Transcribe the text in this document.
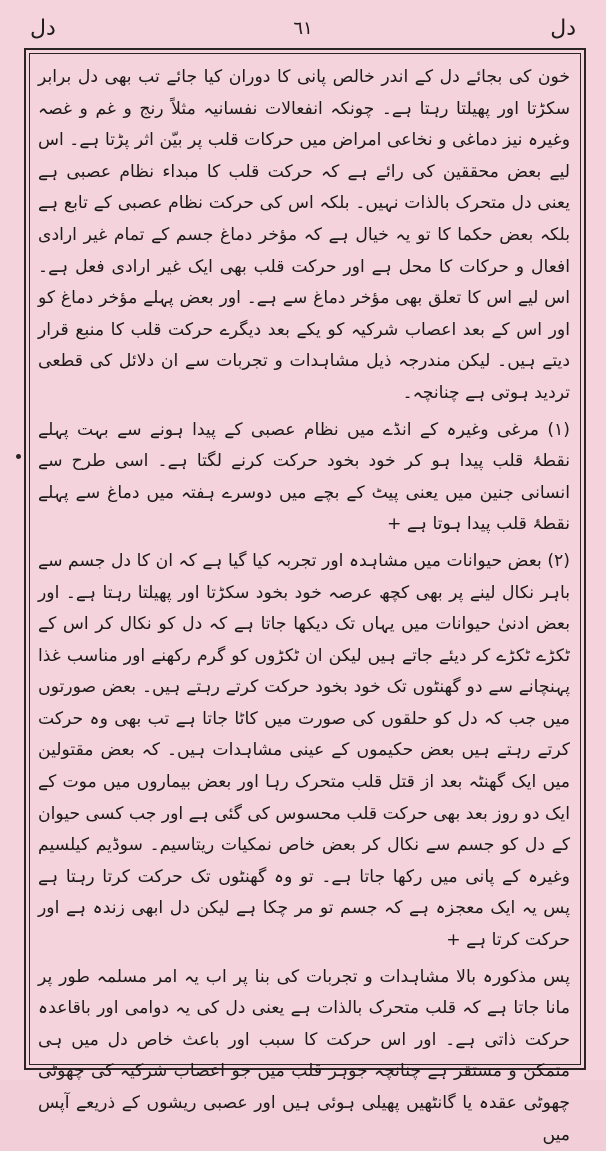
دل
٦١
دل

خون کی بجائے دل کے اندر خالص پانی کا دوران کیا جائے تب بھی دل برابر سکڑتا اور پھیلتا رہتا ہے۔ چونکہ انفعالات نفسانیہ مثلاً رنج و غم و غصہ وغیرہ نیز دماغی و نخاعی امراض میں حرکات قلب پر بیّن اثر پڑتا ہے۔ اس لیے بعض محققین کی رائے ہے کہ حرکت قلب کا مبداء نظام عصبی ہے یعنی دل متحرک بالذات نہیں۔ بلکہ اس کی حرکت نظام عصبی کے تابع ہے بلکہ بعض حکما کا تو یہ خیال ہے کہ مؤخر دماغ جسم کے تمام غیر ارادی افعال و حرکات کا محل ہے اور حرکت قلب بھی ایک غیر ارادی فعل ہے۔ اس لیے اس کا تعلق بھی مؤخر دماغ سے ہے۔ اور بعض پہلے مؤخر دماغ کو اور اس کے بعد اعصاب شرکیہ کو یکے بعد دیگرے حرکت قلب کا منبع قرار دیتے ہیں۔ لیکن مندرجہ ذیل مشاہدات و تجربات سے ان دلائل کی قطعی تردید ہوتی ہے چنانچہ۔

(۱) مرغی وغیرہ کے انڈے میں نظام عصبی کے پیدا ہونے سے بہت پہلے نقطۂ قلب پیدا ہو کر خود بخود حرکت کرنے لگتا ہے۔ اسی طرح سے انسانی جنین میں یعنی پیٹ کے بچے میں دوسرے ہفتہ میں دماغ سے پہلے نقطۂ قلب پیدا ہوتا ہے +

(۲) بعض حیوانات میں مشاہدہ اور تجربہ کیا گیا ہے کہ ان کا دل جسم سے باہر نکال لینے پر بھی کچھ عرصہ خود بخود سکڑتا اور پھیلتا رہتا ہے۔ اور بعض ادنیٰ حیوانات میں یہاں تک دیکھا جاتا ہے کہ دل کو نکال کر اس کے ٹکڑے ٹکڑے کر دیئے جاتے ہیں لیکن ان ٹکڑوں کو گرم رکھنے اور مناسب غذا پہنچانے سے دو گھنٹوں تک خود بخود حرکت کرتے رہتے ہیں۔ بعض صورتوں میں جب کہ دل کو حلقوں کی صورت میں کاٹا جاتا ہے تب بھی وہ حرکت کرتے رہتے ہیں بعض حکیموں کے عینی مشاہدات ہیں۔ کہ بعض مقتولین میں ایک گھنٹہ بعد از قتل قلب متحرک رہا اور بعض بیماروں میں موت کے ایک دو روز بعد بھی حرکت قلب محسوس کی گئی ہے اور جب کسی حیوان کے دل کو جسم سے نکال کر بعض خاص نمکیات ریتاسیم۔ سوڈیم کیلسیم وغیرہ کے پانی میں رکھا جاتا ہے۔ تو وہ گھنٹوں تک حرکت کرتا رہتا ہے پس یہ ایک معجزہ ہے کہ جسم تو مر چکا ہے لیکن دل ابھی زندہ ہے اور حرکت کرتا ہے +

پس مذکورہ بالا مشاہدات و تجربات کی بنا پر اب یہ امر مسلمہ طور پر مانا جاتا ہے کہ قلب متحرک بالذات ہے یعنی دل کی یہ دوامی اور باقاعدہ حرکت ذاتی ہے۔ اور اس حرکت کا سبب اور باعث خاص دل میں ہی متمکن و مستقر ہے چنانچہ جوہر قلب میں جو اعصاب شرکیہ کی چھوٹی چھوٹی عقدہ یا گانٹھیں پھیلی ہوئی ہیں اور عصبی ریشوں کے ذریعے آپس میں
